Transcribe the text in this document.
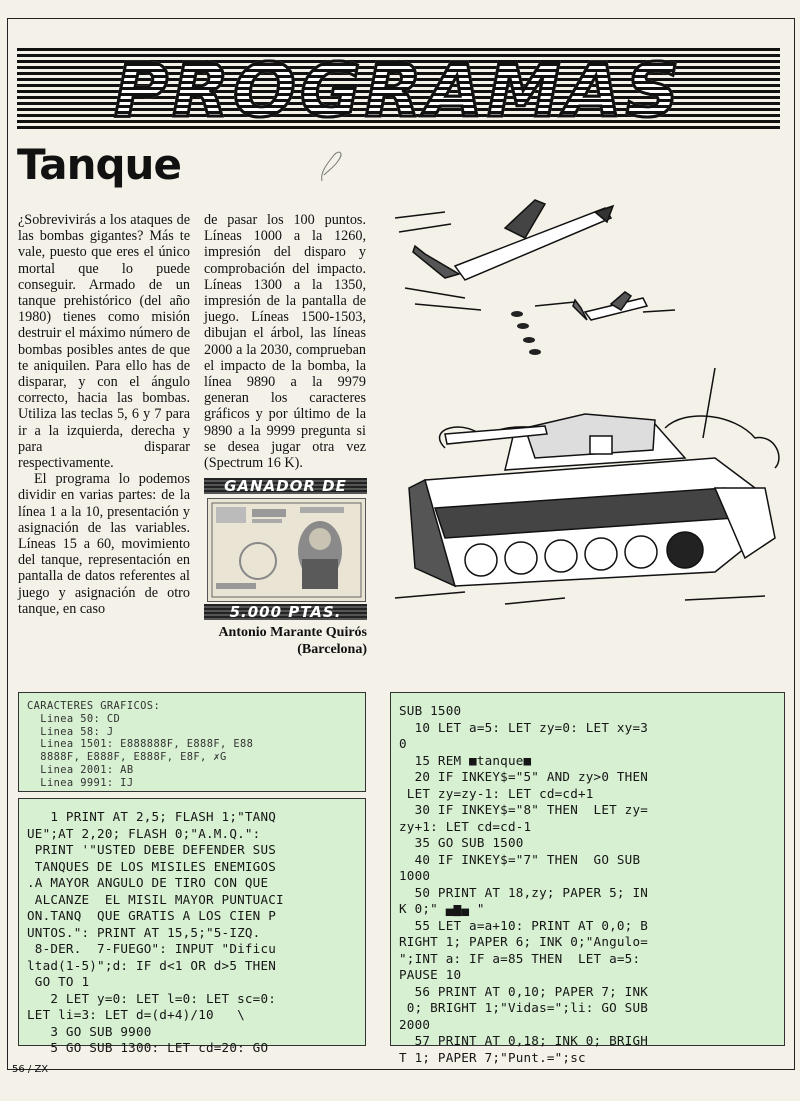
PROGRAMAS
Tanque

¿Sobrevivirás a los ataques de las bombas gigantes? Más te vale, puesto que eres el único mortal que lo puede conseguir. Armado de un tanque prehistórico (del año 1980) tienes como misión destruir el máximo número de bombas posibles antes de que te aniquilen. Para ello has de disparar, y con el ángulo correcto, hacia las bombas. Utiliza las teclas 5, 6 y 7 para ir a la izquierda, derecha y para disparar respectivamente.

El programa lo podemos dividir en varias partes: de la línea 1 a la 10, presentación y asignación de las variables. Líneas 15 a 60, movimiento del tanque, representación en pantalla de datos referentes al juego y asignación de otro tanque, en caso

de pasar los 100 puntos. Líneas 1000 a la 1260, impresión del disparo y comprobación del impacto. Líneas 1300 a la 1350, impresión de la pantalla de juego. Líneas 1500-1503, dibujan el árbol, las líneas 2000 a la 2030, comprueban el impacto de la bomba, la línea 9890 a la 9979 generan los caracteres gráficos y por último de la 9890 a la 9999 pregunta si se desea jugar otra vez (Spectrum 16 K).

GANADOR DE
5.000 PTAS.
Antonio Marante Quirós
(Barcelona)
CARACTERES GRAFICOS:
Linea 50: CD
Linea 58: J
Linea 1501: E888888F, E888F, E88
8888F, E888F, E888F, E8F, ✗G
Linea 2001: AB
Linea 9991: IJ
1 PRINT AT 2,5; FLASH 1;"TANQ
UE";AT 2,20; FLASH 0;"A.M.Q.":
PRINT '"USTED DEBE DEFENDER SUS
TANQUES DE LOS MISILES ENEMIGOS
.A MAYOR ANGULO DE TIRO CON QUE
ALCANZE  EL MISIL MAYOR PUNTUACI
ON.TANQ  QUE GRATIS A LOS CIEN P
UNTOS.": PRINT AT 15,5;"5-IZQ.
8-DER.  7-FUEGO": INPUT "Dificu
ltad(1-5)";d: IF d<1 OR d>5 THEN
GO TO 1
2 LET y=0: LET l=0: LET sc=0:
LET li=3: LET d=(d+4)/10   \
3 GO SUB 9900
5 GO SUB 1300: LET cd=20: GO
SUB 1500
10 LET a=5: LET zy=0: LET xy=3
0
15 REM ■tanque■
20 IF INKEY$="5" AND zy>0 THEN
LET zy=zy-1: LET cd=cd+1
30 IF INKEY$="8" THEN  LET zy=
zy+1: LET cd=cd-1
35 GO SUB 1500
40 IF INKEY$="7" THEN  GO SUB
1000
50 PRINT AT 18,zy; PAPER 5; IN
K 0;" ▄▆▄ "
55 LET a=a+10: PRINT AT 0,0; B
RIGHT 1; PAPER 6; INK 0;"Angulo=
";INT a: IF a=85 THEN  LET a=5:
PAUSE 10
56 PRINT AT 0,10; PAPER 7; INK
0; BRIGHT 1;"Vidas=";li: GO SUB
2000
57 PRINT AT 0,18; INK 0; BRIGH
T 1; PAPER 7;"Punt.=";sc
56 / ZX
